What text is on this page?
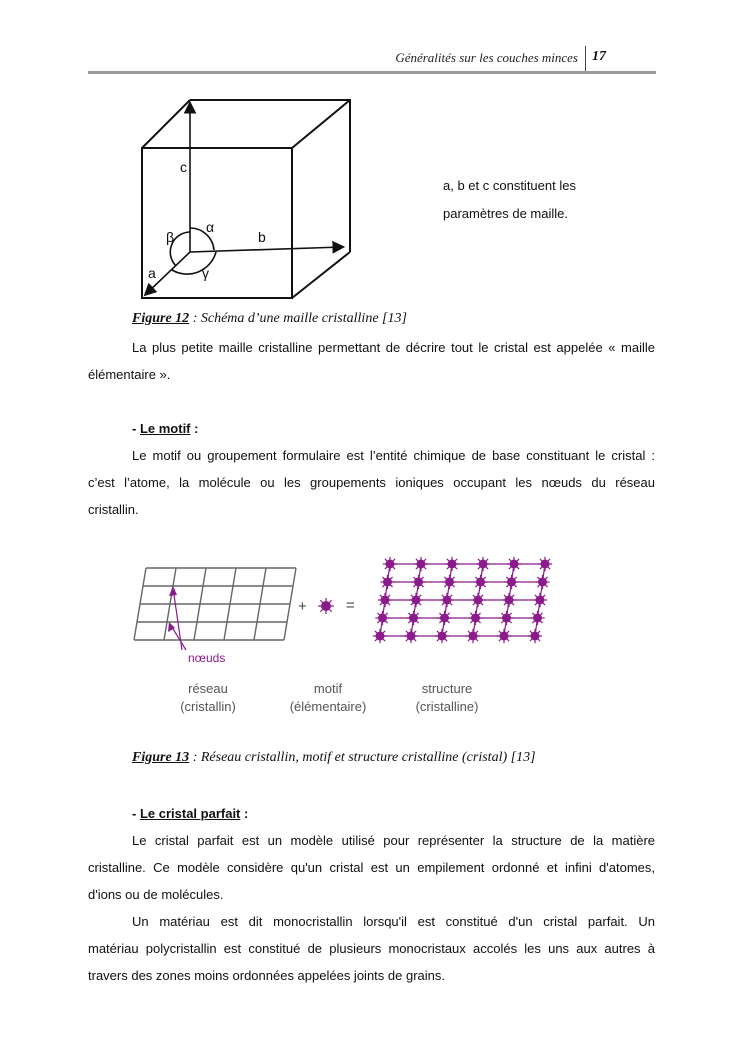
Généralités sur les couches minces 17
c
α
β	b
a	γ
a, b et c constituent les
paramètres de maille.
Figure 12 : Schéma d’une maille cristalline [13]
La plus petite maille cristalline permettant de décrire tout le cristal est appelée « maille
élémentaire ».
- Le motif :
Le motif ou groupement formulaire est l’entité chimique de base constituant le cristal :
c’est l’atome, la molécule ou les groupements ioniques occupant les nœuds du réseau
cristallin.
nœuds
+	=
réseau
(cristallin)
motif
(élémentaire)
structure
(cristalline)
Figure 13 : Réseau cristallin, motif et structure cristalline (cristal) [13]
- Le cristal parfait :
Le cristal parfait est un modèle utilisé pour représenter la structure de la matière
cristalline. Ce modèle considère qu'un cristal est un empilement ordonné et infini d'atomes,
d'ions ou de molécules.
Un matériau est dit monocristallin lorsqu'il est constitué d'un cristal parfait. Un
matériau polycristallin est constitué de plusieurs monocristaux accolés les uns aux autres à
travers des zones moins ordonnées appelées joints de grains.
